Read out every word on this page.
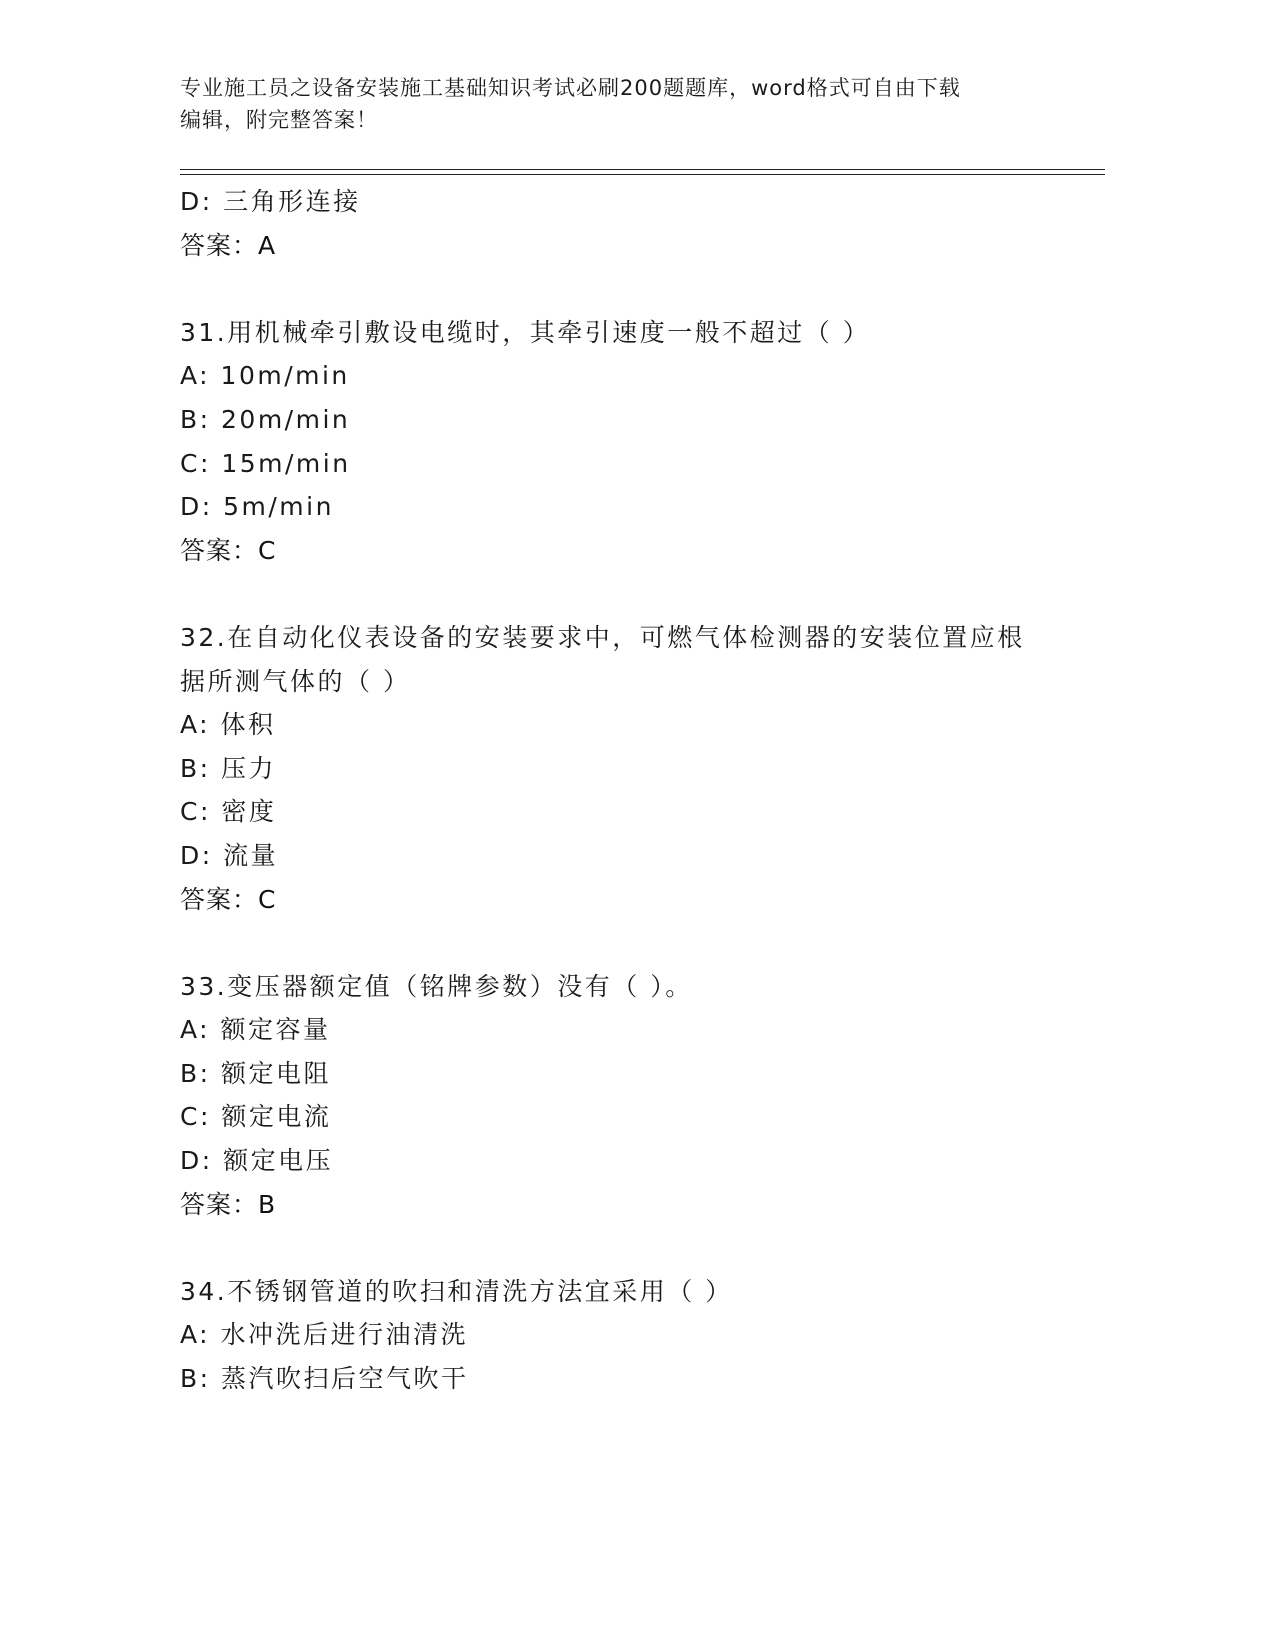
专业施工员之设备安装施工基础知识考试必刷200题题库，word格式可自由下载
编辑，附完整答案！
D: 三角形连接
答案：A
31.用机械牵引敷设电缆时，其牵引速度一般不超过（ ）
A: 10m/min
B: 20m/min
C: 15m/min
D: 5m/min
答案：C
32.在自动化仪表设备的安装要求中，可燃气体检测器的安装位置应根
据所测气体的（ ）
A: 体积
B: 压力
C: 密度
D: 流量
答案：C
33.变压器额定值（铭牌参数）没有（ ）。
A: 额定容量
B: 额定电阻
C: 额定电流
D: 额定电压
答案：B
34.不锈钢管道的吹扫和清洗方法宜采用（ ）
A: 水冲洗后进行油清洗
B: 蒸汽吹扫后空气吹干
